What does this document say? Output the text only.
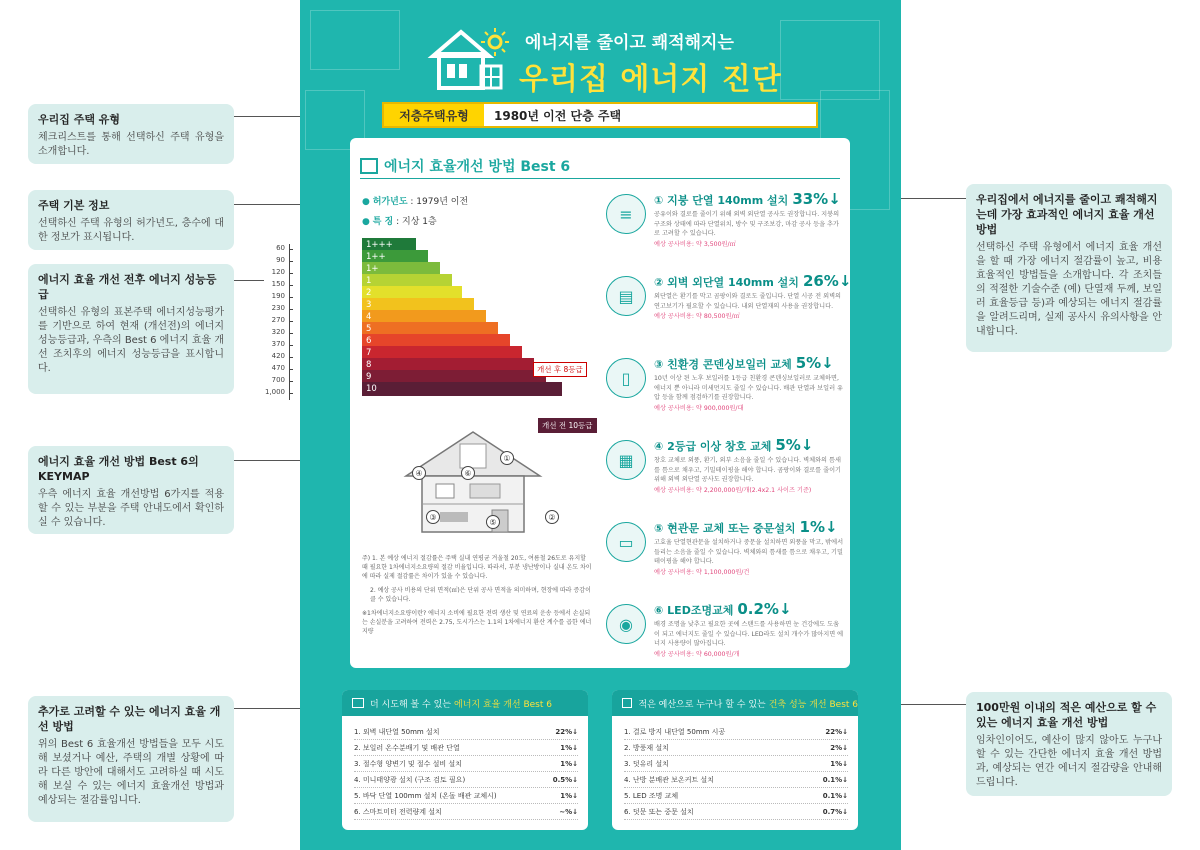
우리집 주택 유형
체크리스트를 통해 선택하신 주택 유형을 소개합니다.
주택 기본 정보
선택하신 주택 유형의 허가년도, 층수에 대한 정보가 표시됩니다.
에너지 효율 개선 전후 에너지 성능등급
선택하신 유형의 표본주택 에너지성능평가를 기반으로 하여 현재 (개선전)의 에너지 성능등급과, 우측의 Best 6 에너지 효율 개선 조치후의 에너지 성능등급을 표시합니다.
60
90
120
150
190
230
270
320
370
420
470
700
1,000
에너지 효율 개선 방법 Best 6의 KEYMAP
우측 에너지 효율 개선방법 6가지를 적용할 수 있는 부분을 주택 안내도에서 확인하실 수 있습니다.
추가로 고려할 수 있는 에너지 효율 개선 방법
위의 Best 6 효율개선 방법들을 모두 시도해 보셨거나 예산, 주택의 개별 상황에 따라 다른 방안에 대해서도 고려하실 때 시도해 보실 수 있는 에너지 효율개선 방법과 예상되는 절감률입니다.
우리집에서 에너지를 줄이고 쾌적해지는데 가장 효과적인 에너지 효율 개선방법
선택하신 주택 유형에서 에너지 효율 개선을 할 때 가장 에너지 절감률이 높고, 비용 효율적인 방법들을 소개합니다. 각 조치들의 적절한 기술수준 (예) 단열재 두께, 보일러 효율등급 등)과 예상되는 에너지 절감률을 알려드리며, 실제 공사시 유의사항을 안내합니다.
100만원 이내의 적은 예산으로 할 수 있는 에너지 효율 개선 방법
임차인이어도, 예산이 많지 않아도 누구나 할 수 있는 간단한 에너지 효율 개선 방법과, 예상되는 연간 에너지 절감량을 안내해드립니다.
에너지를 줄이고 쾌적해지는
우리집 에너지 진단
저층주택유형	1980년 이전 단층 주택
에너지 효율개선 방법 Best 6
● 허가년도 : 1979년 이전
● 특 징 : 지상 1층
1+++
1++
1+
1
2
3
4
5
6
7
8
9
10
개선 후 8등급
개선 전 10등급
①
②
③
④
⑤
⑥
주) 1. 본 예상 에너지 절감률은 주택 실내 연평균 겨울철 20도, 여름철 26도로 유지할 때 필요한 1차에너지소요량의 절감 비율입니다. 따라서, 부분 냉난방이나 실내 온도 차이에 따라 실제 절감률은 차이가 있을 수 있습니다.
2. 예상 공사 비용의 단위 면적(㎡)은 단위 공사 면적을 의미하며, 현장에 따라 증감이 클 수 있습니다.
※1차에너지소요량이란? 에너지 소비에 필요한 전력 생산 및 연료의 운송 등에서 손실되는 손실분을 고려하여 전력은 2.75, 도시가스는 1.1의 1차에너지 환산 계수를 곱한 에너지량
≡
① 지붕 단열 140mm 설치 33%↓
공유이와 결로를 줄이기 위해 외벽 외단열 공사도 권장합니다. 지붕의 구조와 상태에 따라 단열위치, 방수 및 구조보강, 마감 공사 등을 추가로 고려할 수 있습니다.
예상 공사비용: 약 3,500원/㎡
▤
② 외벽 외단열 140mm 설치 26%↓
외단열은 환기를 막고 곰팡이와 결로도 줄입니다. 단열 시공 전 외벽의 연고보기가 필요할 수 있습니다. 내외 단열재의 사용을 권장합니다.
예상 공사비용: 약 80,500원/㎡
▯
③ 친환경 콘덴싱보일러 교체 5%↓
10년 이상 된 노후 보일러를 1등급 친환경 콘덴싱보일러로 교체하면, 에너지 뿐 아니라 미세먼지도 줄일 수 있습니다. 배관 단열과 보일러 유압 등을 함께 점검하기를 권장합니다.
예상 공사비용: 약 900,000원/대
▦
④ 2등급 이상 창호 교체 5%↓
창호 교체로 외풍, 환기, 외부 소음을 줄일 수 있습니다. 벽체와의 틈새를 틈으로 채우고, 기밀테이핑을 해야 합니다. 곰팡이와 결로를 줄이기 위해 외벽 외단열 공사도 권장합니다.
예상 공사비용: 약 2,200,000원/개(2.4x2.1 사이즈 기준)
▭
⑤ 현관문 교체 또는 중문설치 1%↓
고효율 단열현관문을 설치하거나 중문을 설치하면 외풍을 막고, 밖에서 들리는 소음을 줄일 수 있습니다. 벽체와의 틈새를 틈으로 채우고, 기밀테이핑을 해야 합니다.
예상 공사비용: 약 1,100,000원/건
◉
⑥ LED조명교체 0.2%↓
배경 조명을 낮추고 필요한 곳에 스탠드를 사용하면 눈 건강에도 도움이 되고 에너지도 줄일 수 있습니다. LED라도 설치 개수가 많아지면 에너지 사용량이 많아집니다.
예상 공사비용: 약 60,000원/개
더 시도해 볼 수 있는 에너지 효율 개선 Best 6
1. 외벽 내단열 50mm 설치	22%↓
2. 보일러 온수분배기 및 배관 단열	1%↓
3. 절수형 양변기 및 절수 설비 설치	1%↓
4. 미니태양광 설치 (구조 검토 필요)	0.5%↓
5. 바닥 단열 100mm 설치 (온돌 배관 교체시)	1%↓
6. 스마트미터 전력량계 설치	~%↓
적은 예산으로 누구나 할 수 있는 건축 성능 개선 Best 6
1. 결로 방지 내단열 50mm 시공	22%↓
2. 방풍재 설치	2%↓
3. 덧유리 설치	1%↓
4. 난방 분배관 보온커트 설치	0.1%↓
5. LED 조명 교체	0.1%↓
6. 덧문 또는 중문 설치	0.7%↓
